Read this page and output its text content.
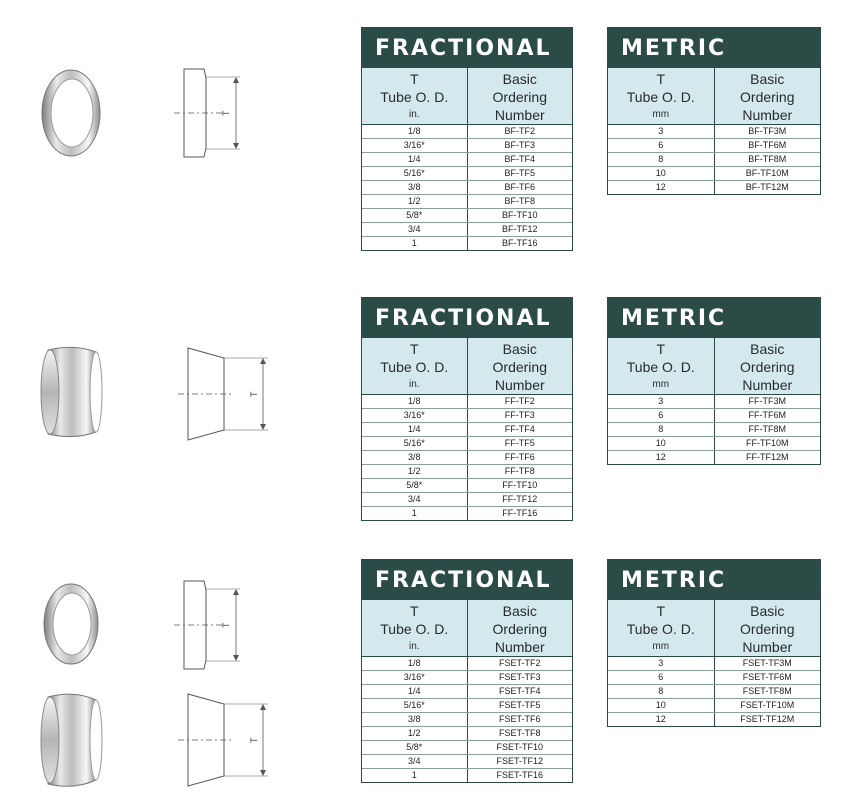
T
FRACTIONAL
T
Tube O. D.
in.
Basic
Ordering
Number
1/8	BF-TF2
3/16*	BF-TF3
1/4	BF-TF4
5/16*	BF-TF5
3/8	BF-TF6
1/2	BF-TF8
5/8*	BF-TF10
3/4	BF-TF12
1	BF-TF16
METRIC
T
Tube O. D.
mm
Basic
Ordering
Number
3	BF-TF3M
6	BF-TF6M
8	BF-TF8M
10	BF-TF10M
12	BF-TF12M
T
FRACTIONAL
T
Tube O. D.
in.
Basic
Ordering
Number
1/8	FF-TF2
3/16*	FF-TF3
1/4	FF-TF4
5/16*	FF-TF5
3/8	FF-TF6
1/2	FF-TF8
5/8*	FF-TF10
3/4	FF-TF12
1	FF-TF16
METRIC
T
Tube O. D.
mm
Basic
Ordering
Number
3	FF-TF3M
6	FF-TF6M
8	FF-TF8M
10	FF-TF10M
12	FF-TF12M
T
T
FRACTIONAL
T
Tube O. D.
in.
Basic
Ordering
Number
1/8	FSET-TF2
3/16*	FSET-TF3
1/4	FSET-TF4
5/16*	FSET-TF5
3/8	FSET-TF6
1/2	FSET-TF8
5/8*	FSET-TF10
3/4	FSET-TF12
1	FSET-TF16
METRIC
T
Tube O. D.
mm
Basic
Ordering
Number
3	FSET-TF3M
6	FSET-TF6M
8	FSET-TF8M
10	FSET-TF10M
12	FSET-TF12M
